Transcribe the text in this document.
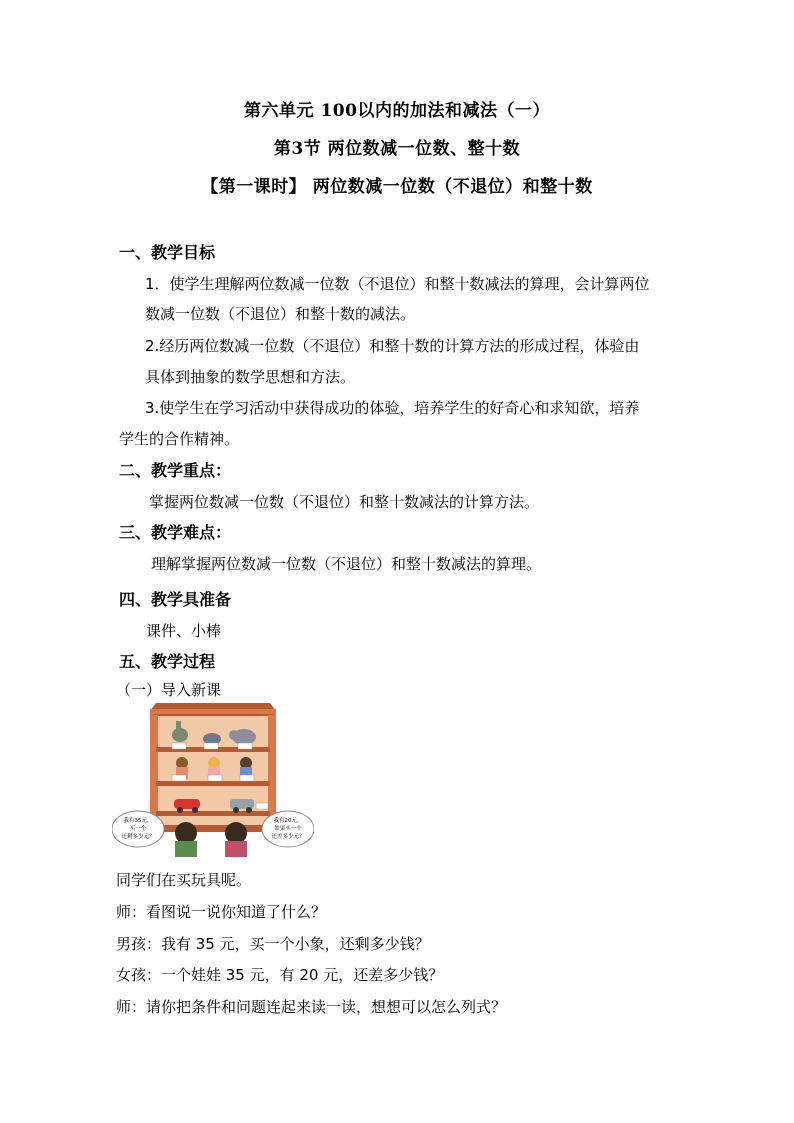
第六单元 100以内的加法和减法（一）
第3节 两位数减一位数、整十数
【第一课时】 两位数减一位数（不退位）和整十数
一、教学目标
1．使学生理解两位数减一位数（不退位）和整十数减法的算理，会计算两位
数减一位数（不退位）和整十数的减法。
2.经历两位数减一位数（不退位）和整十数的计算方法的形成过程，体验由
具体到抽象的数学思想和方法。
3.使学生在学习活动中获得成功的体验，培养学生的好奇心和求知欲，培养
学生的合作精神。
二、教学重点：
掌握两位数减一位数（不退位）和整十数减法的计算方法。
三、教学难点：
理解掌握两位数减一位数（不退位）和整十数减法的算理。
四、教学具准备
课件、小棒
五、教学过程
（一）导入新课
我有35元，
买一个
还剩多少元？
我有20元，
如果买一个
还差多少元？
同学们在买玩具呢。
师：看图说一说你知道了什么？
男孩：我有 35 元，买一个小象，还剩多少钱？
女孩：一个娃娃 35 元，有 20 元，还差多少钱？
师：请你把条件和问题连起来读一读，想想可以怎么列式？
